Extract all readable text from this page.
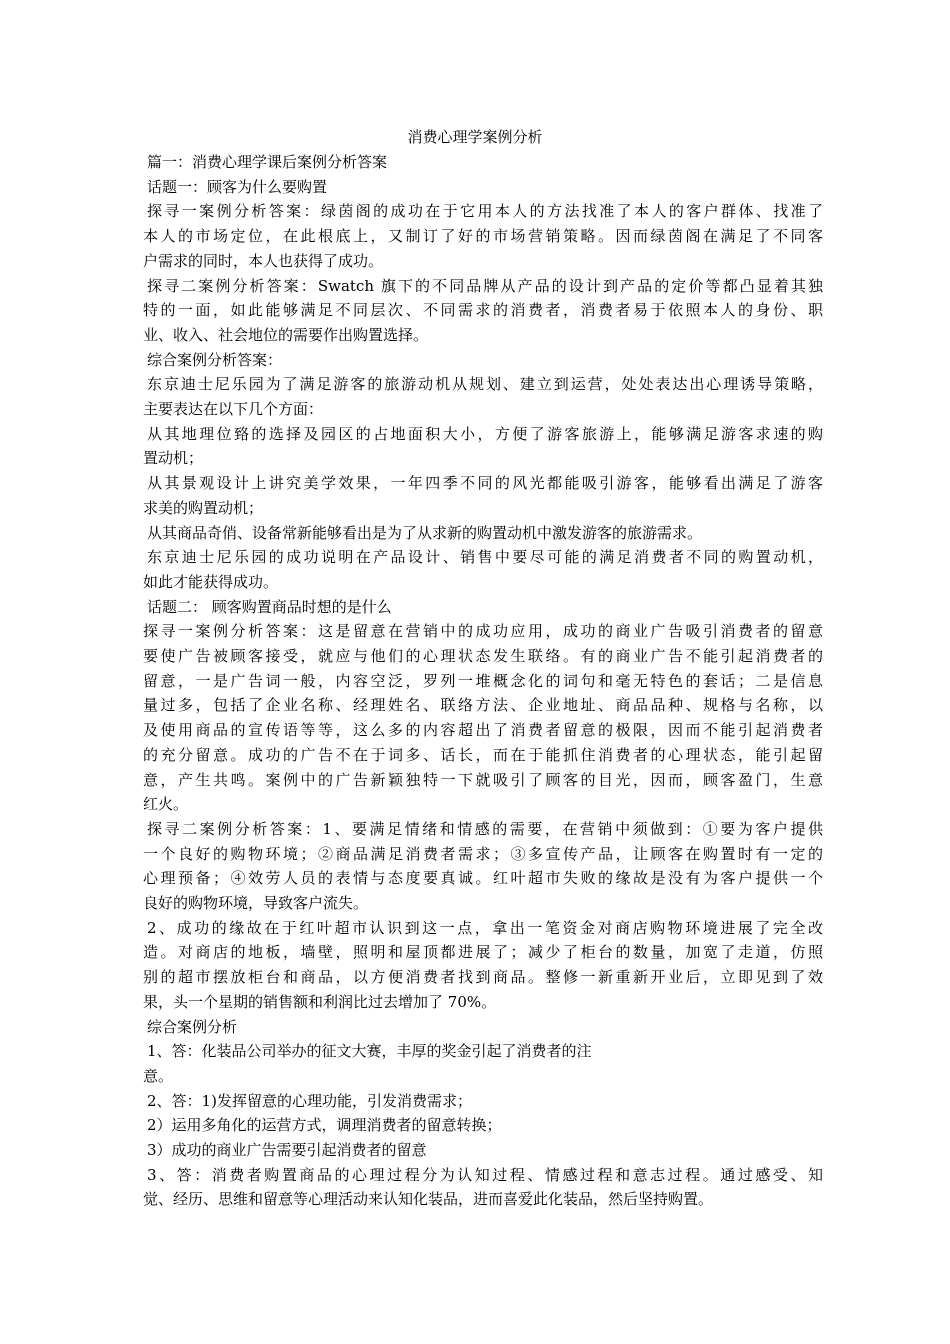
消费心理学案例分析
篇一：消费心理学课后案例分析答案
话题一：顾客为什么要购置
探寻一案例分析答案：绿茵阁的成功在于它用本人的方法找准了本人的客户群体、找准了
本人的市场定位，在此根底上，又制订了好的市场营销策略。因而绿茵阁在满足了不同客
户需求的同时，本人也获得了成功。
探寻二案例分析答案：Swatch 旗下的不同品牌从产品的设计到产品的定价等都凸显着其独
特的一面，如此能够满足不同层次、不同需求的消费者，消费者易于依照本人的身份、职
业、收入、社会地位的需要作出购置选择。
综合案例分析答案：
东京迪士尼乐园为了满足游客的旅游动机从规划、建立到运营，处处表达出心理诱导策略，
主要表达在以下几个方面：
从其地理位臵的选择及园区的占地面积大小，方便了游客旅游上，能够满足游客求速的购
置动机；
从其景观设计上讲究美学效果，一年四季不同的风光都能吸引游客，能够看出满足了游客
求美的购置动机；
从其商品奇俏、设备常新能够看出是为了从求新的购置动机中激发游客的旅游需求。
东京迪士尼乐园的成功说明在产品设计、销售中要尽可能的满足消费者不同的购置动机，
如此才能获得成功。
话题二： 顾客购置商品时想的是什么
探寻一案例分析答案：这是留意在营销中的成功应用，成功的商业广告吸引消费者的留意
要使广告被顾客接受，就应与他们的心理状态发生联络。有的商业广告不能引起消费者的
留意，一是广告词一般，内容空泛，罗列一堆概念化的词句和毫无特色的套话；二是信息
量过多，包括了企业名称、经理姓名、联络方法、企业地址、商品品种、规格与名称，以
及使用商品的宣传语等等，这么多的内容超出了消费者留意的极限，因而不能引起消费者
的充分留意。成功的广告不在于词多、话长，而在于能抓住消费者的心理状态，能引起留
意，产生共鸣。案例中的广告新颖独特一下就吸引了顾客的目光，因而，顾客盈门，生意
红火。
探寻二案例分析答案：1、要满足情绪和情感的需要，在营销中须做到：①要为客户提供
一个良好的购物环境；②商品满足消费者需求；③多宣传产品，让顾客在购置时有一定的
心理预备；④效劳人员的表情与态度要真诚。红叶超市失败的缘故是没有为客户提供一个
良好的购物环境，导致客户流失。
2、成功的缘故在于红叶超市认识到这一点，拿出一笔资金对商店购物环境进展了完全改
造。对商店的地板，墙壁，照明和屋顶都进展了；减少了柜台的数量，加宽了走道，仿照
别的超市摆放柜台和商品，以方便消费者找到商品。整修一新重新开业后，立即见到了效
果，头一个星期的销售额和利润比过去增加了 70%。
综合案例分析
1、答：化装品公司举办的征文大赛，丰厚的奖金引起了消费者的注
意。
2、答：1)发挥留意的心理功能，引发消费需求；
2）运用多角化的运营方式，调理消费者的留意转换；
3）成功的商业广告需要引起消费者的留意
3、答：消费者购置商品的心理过程分为认知过程、情感过程和意志过程。通过感受、知
觉、经历、思维和留意等心理活动来认知化装品，进而喜爱此化装品，然后坚持购置。
